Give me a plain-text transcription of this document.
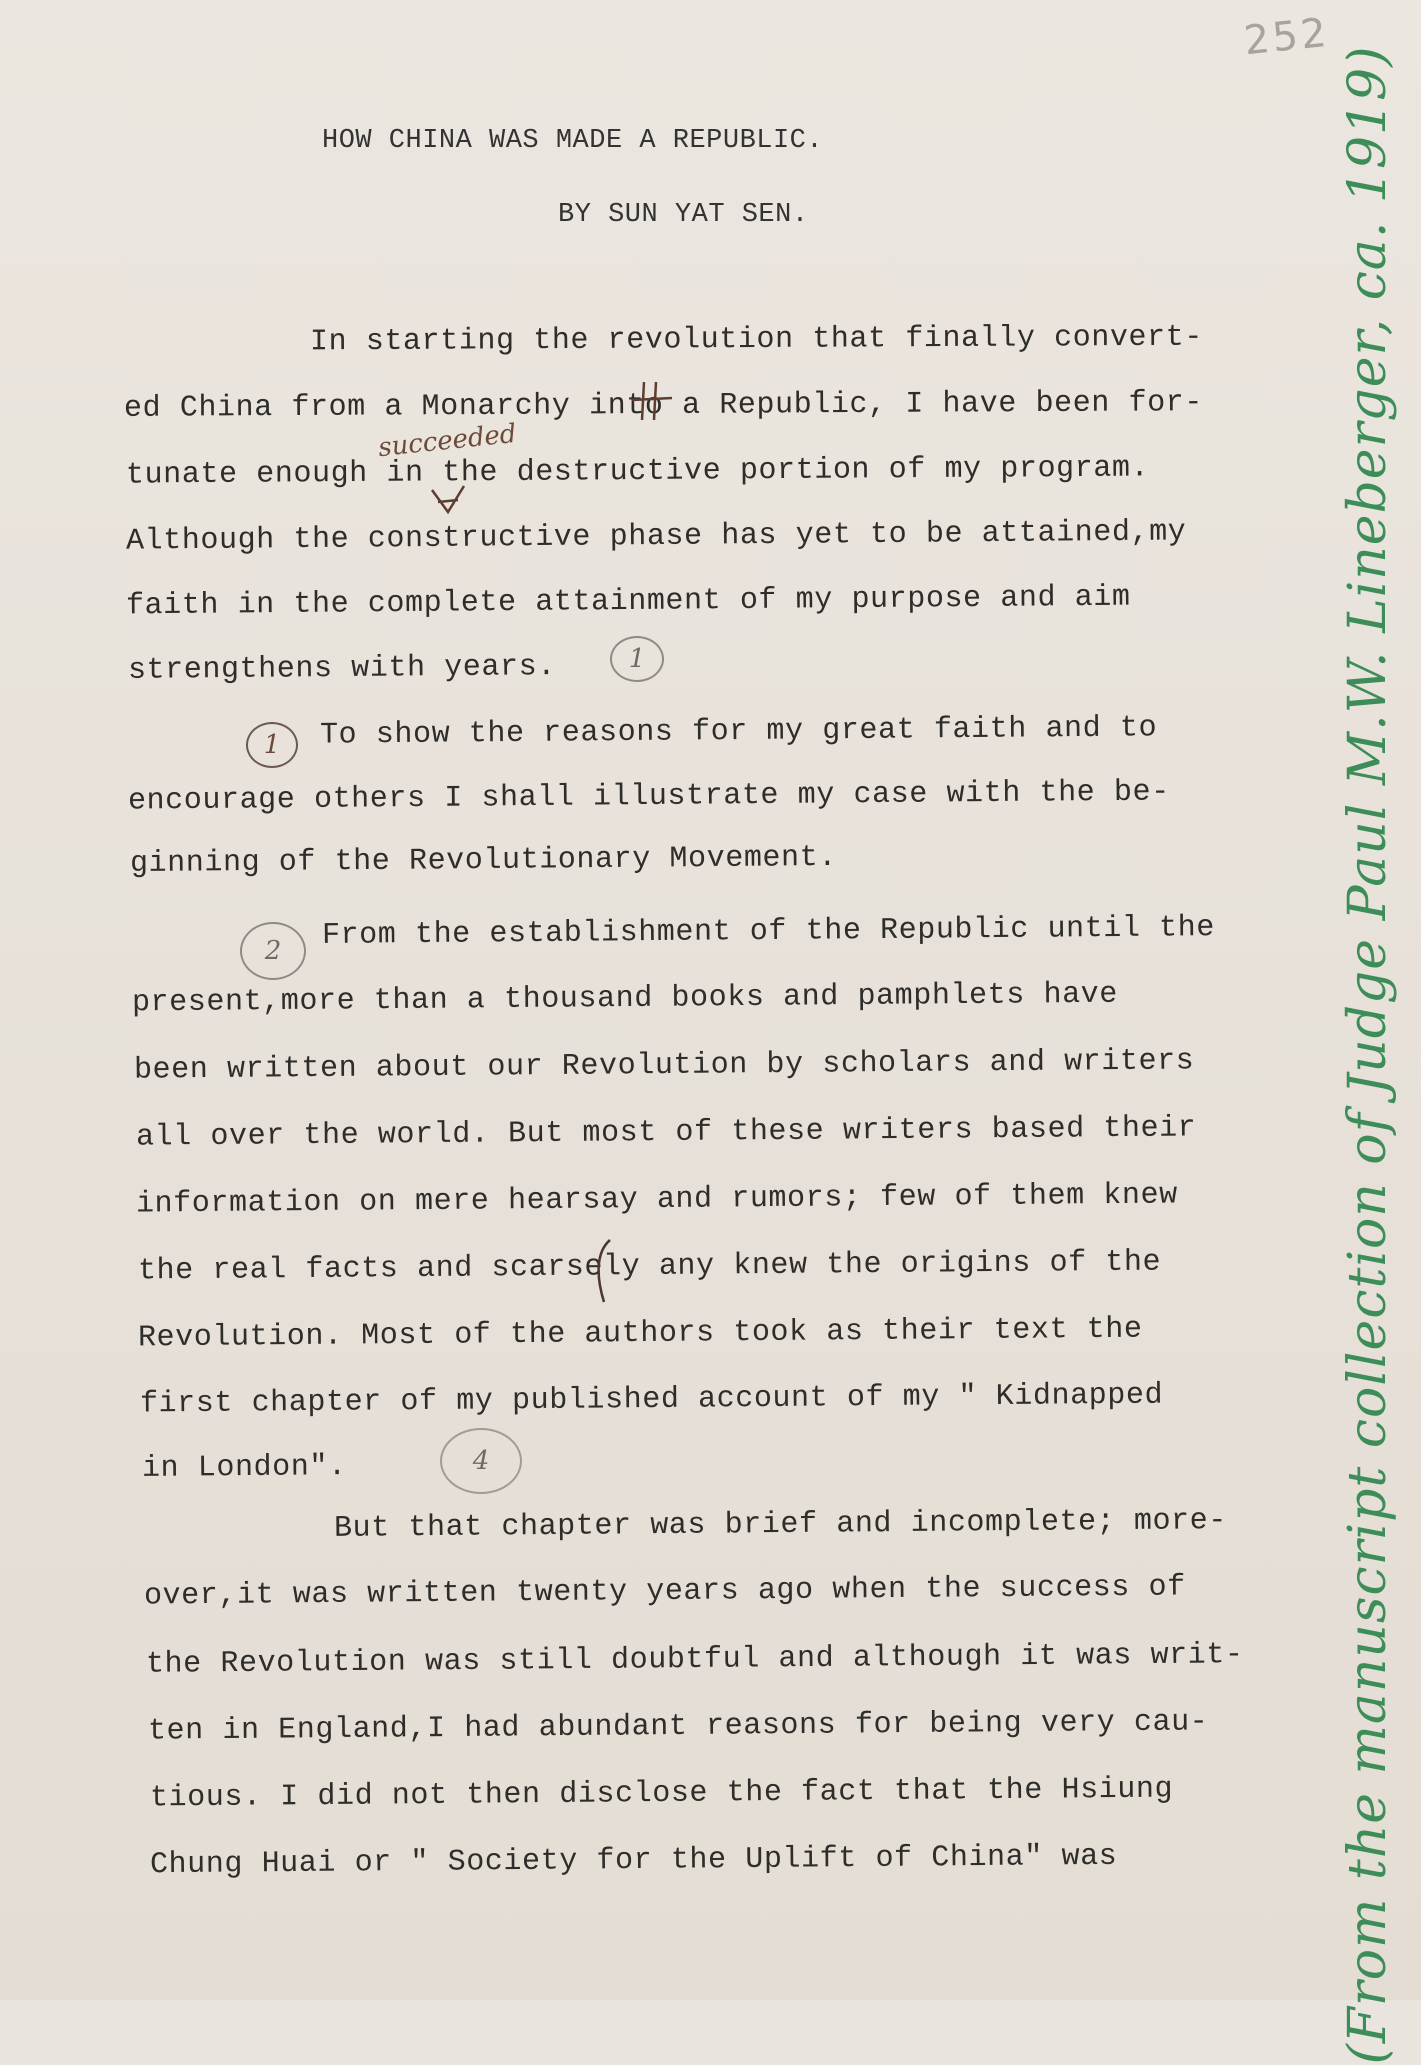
252
HOW CHINA WAS MADE A REPUBLIC.
BY SUN YAT SEN.
In starting the revolution that finally convert-
ed China from a Monarchy into a Republic, I have been for-
tunate enough in the destructive portion of my program.
Although the constructive phase has yet to be attained,my
faith in the complete attainment of my purpose and aim
strengthens with years.
To show the reasons for my great faith and to
encourage others I shall illustrate my case with the be-
ginning of the Revolutionary Movement.
From the establishment of the Republic until the
present,more than a thousand books and pamphlets have
been written about our Revolution by scholars and writers
all over the world. But most of these writers based their
information on mere hearsay and rumors; few of them knew
the real facts and scarsely any knew the origins of the
Revolution. Most of the authors took as their text the
first chapter of my published account of my " Kidnapped
in London".
But that chapter was brief and incomplete; more-
over,it was written twenty years ago when the success of
the Revolution was still doubtful and although it was writ-
ten in England,I had abundant reasons for being very cau-
tious. I did not then disclose the fact that the Hsiung
Chung Huai or " Society for the Uplift of China" was
succeeded
1
1
2
4	(From the manuscript collection of Judge Paul M.W. Lineberger, ca. 1919)
